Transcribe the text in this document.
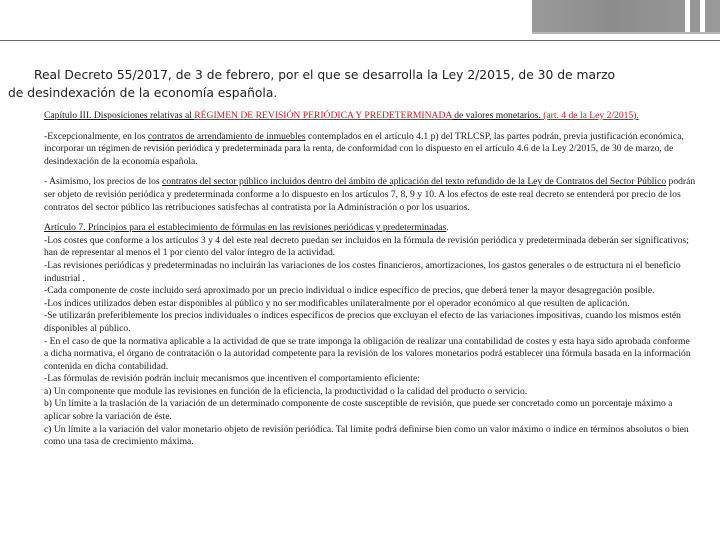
Real Decreto 55/2017, de 3 de febrero, por el que se desarrolla la Ley 2/2015, de 30 de marzo
de desindexación de la economía española.

Capítulo III. Disposiciones relativas al RÉGIMEN DE REVISIÓN PERIÓDICA Y PREDETERMINADA de valores monetarios. (art. 4 de la Ley 2/2015).

-Excepcionalmente, en los contratos de arrendamiento de inmuebles contemplados en el artículo 4.1 p) del TRLCSP, las partes podrán, previa justificación económica, incorporar un régimen de revisión periódica y predeterminada para la renta, de conformidad con lo dispuesto en el artículo 4.6 de la Ley 2/2015, de 30 de marzo, de desindexación de la economía española.

- Asimismo, los precios de los contratos del sector público incluidos dentro del ámbito de aplicación del texto refundido de la Ley de Contratos del Sector Público podrán ser objeto de revisión periódica y predeterminada conforme a lo dispuesto en los artículos 7, 8, 9 y 10. A los efectos de este real decreto se entenderá por precio de los contratos del sector público las retribuciones satisfechas al contratista por la Administración o por los usuarios.

Artículo 7. Principios para el establecimiento de fórmulas en las revisiones periódicas y predeterminadas.
-Los costes que conforme a los artículos 3 y 4 del este real decreto puedan ser incluidos en la fórmula de revisión periódica y predeterminada deberán ser significativos; han de representar al menos el 1 por ciento del valor íntegro de la actividad.
-Las revisiones periódicas y predeterminadas no incluirán las variaciones de los costes financieros, amortizaciones, los gastos generales o de estructura ni el beneficio industrial .
-Cada componente de coste incluido será aproximado por un precio individual o índice específico de precios, que deberá tener la mayor desagregación posible.
-Los índices utilizados deben estar disponibles al público y no ser modificables unilateralmente por el operador económico al que resulten de aplicación.
-Se utilizarán preferiblemente los precios individuales o índices específicos de precios que excluyan el efecto de las variaciones impositivas, cuando los mismos estén disponibles al público.
- En el caso de que la normativa aplicable a la actividad de que se trate imponga la obligación de realizar una contabilidad de costes y esta haya sido aprobada conforme a dicha normativa, el órgano de contratación o la autoridad competente para la revisión de los valores monetarios podrá establecer una fórmula basada en la información contenida en dicha contabilidad.
-Las fórmulas de revisión podrán incluir mecanismos que incentiven el comportamiento eficiente:
a) Un componente que module las revisiones en función de la eficiencia, la productividad o la calidad del producto o servicio.
b) Un límite a la traslación de la variación de un determinado componente de coste susceptible de revisión, que puede ser concretado como un porcentaje máximo a aplicar sobre la variación de éste.
c) Un límite a la variación del valor monetario objeto de revisión periódica. Tal límite podrá definirse bien como un valor máximo o índice en términos absolutos o bien como una tasa de crecimiento máxima.
